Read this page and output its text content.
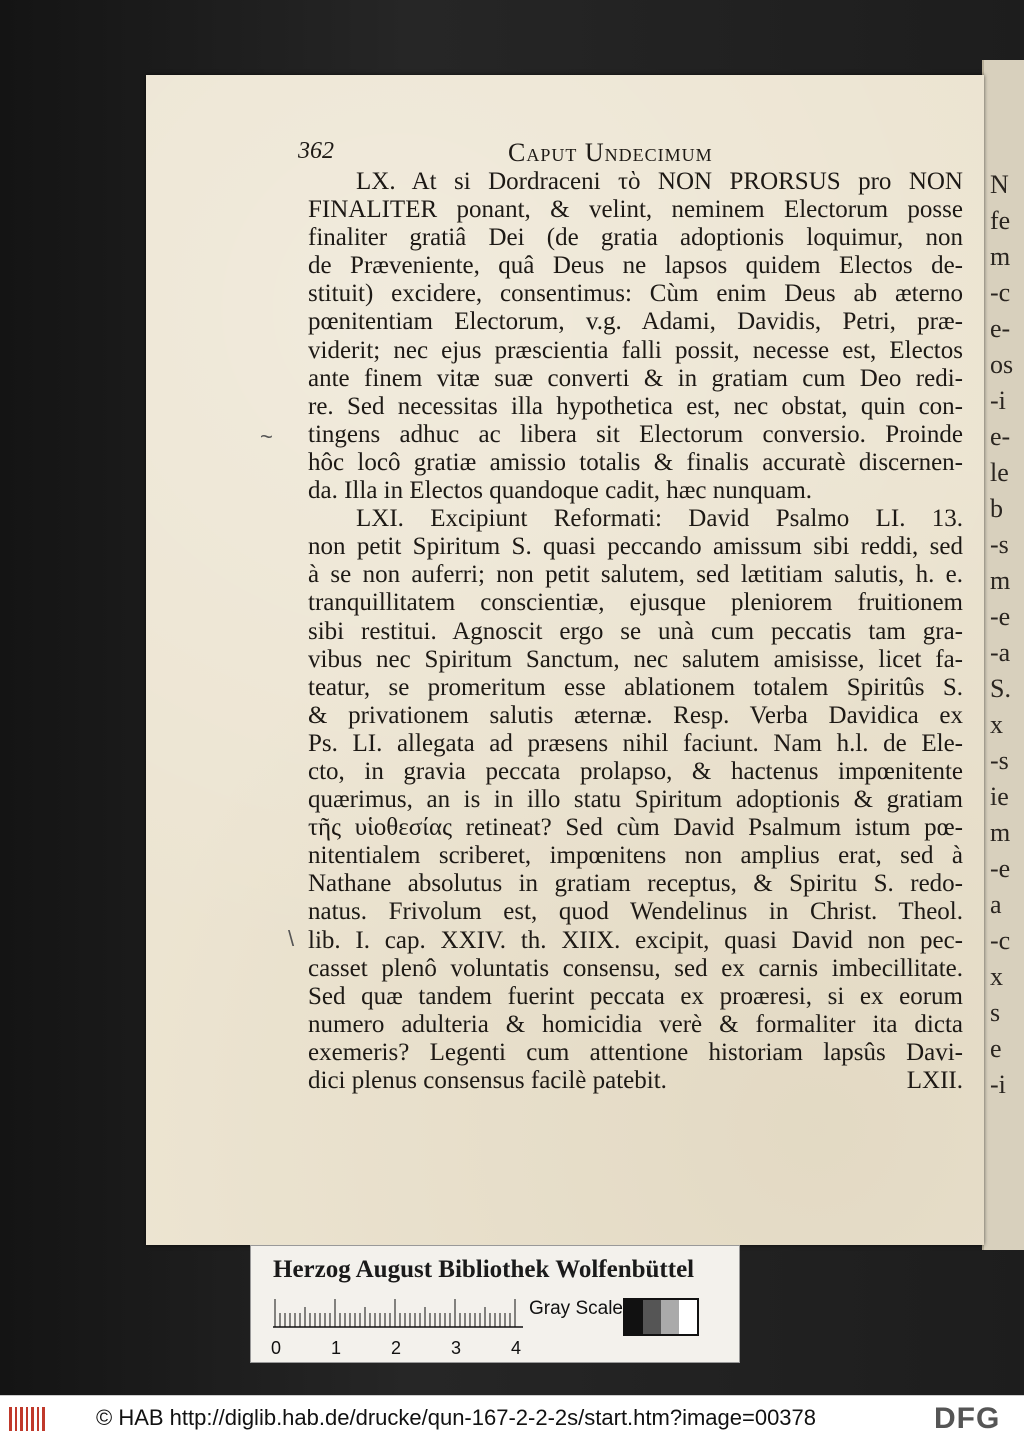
N
fe
m
-c
e-
os
-i
e-
le
b
-s
m
-e
-a
S.
x
-s
ie
m
-e
a
-c
x
s
e
-i
362	Caput Undecimum
LX. At si Dordraceni τὸ NON PRORSUS pro NON
FINALITER ponant, & velint, neminem Electorum posse
finaliter gratiâ Dei (de gratia adoptionis loquimur, non
de Præveniente, quâ Deus ne lapsos quidem Electos de-
stituit) excidere, consentimus: Cùm enim Deus ab æterno
pœnitentiam Electorum, v.g. Adami, Davidis, Petri, præ-
viderit; nec ejus præscientia falli possit, necesse est, Electos
ante finem vitæ suæ converti & in gratiam cum Deo redi-
re. Sed necessitas illa hypothetica est, nec obstat, quin con-
tingens adhuc ac libera sit Electorum conversio. Proinde
hôc locô gratiæ amissio totalis & finalis accuratè discernen-
da. Illa in Electos quandoque cadit, hæc nunquam.
LXI. Excipiunt Reformati: David Psalmo LI. 13.
non petit Spiritum S. quasi peccando amissum sibi reddi, sed
à se non auferri; non petit salutem, sed lætitiam salutis, h. e.
tranquillitatem conscientiæ, ejusque pleniorem fruitionem
sibi restitui. Agnoscit ergo se unà cum peccatis tam gra-
vibus nec Spiritum Sanctum, nec salutem amisisse, licet fa-
teatur, se promeritum esse ablationem totalem Spiritûs S.
& privationem salutis æternæ. Resp. Verba Davidica ex
Ps. LI. allegata ad præsens nihil faciunt. Nam h.l. de Ele-
cto, in gravia peccata prolapso, & hactenus impœnitente
quærimus, an is in illo statu Spiritum adoptionis & gratiam
τῆς υἱοθεσίας retineat? Sed cùm David Psalmum istum pœ-
nitentialem scriberet, impœnitens non amplius erat, sed à
Nathane absolutus in gratiam receptus, & Spiritu S. redo-
natus. Frivolum est, quod Wendelinus in Christ. Theol.
lib. I. cap. XXIV. th. XIIX. excipit, quasi David non pec-
casset plenô voluntatis consensu, sed ex carnis imbecillitate.
Sed quæ tandem fuerint peccata ex proæresi, si ex eorum
numero adulteria & homicidia verè & formaliter ita dicta
exemeris? Legenti cum attentione historiam lapsûs Davi-
dici plenus consensus facilè patebit.	LXII.
~
\
Herzog August Bibliothek Wolfenbüttel
0	1	2	3	4
Gray Scale
© HAB http://diglib.hab.de/drucke/qun-167-2-2-2s/start.htm?image=00378	DFG
